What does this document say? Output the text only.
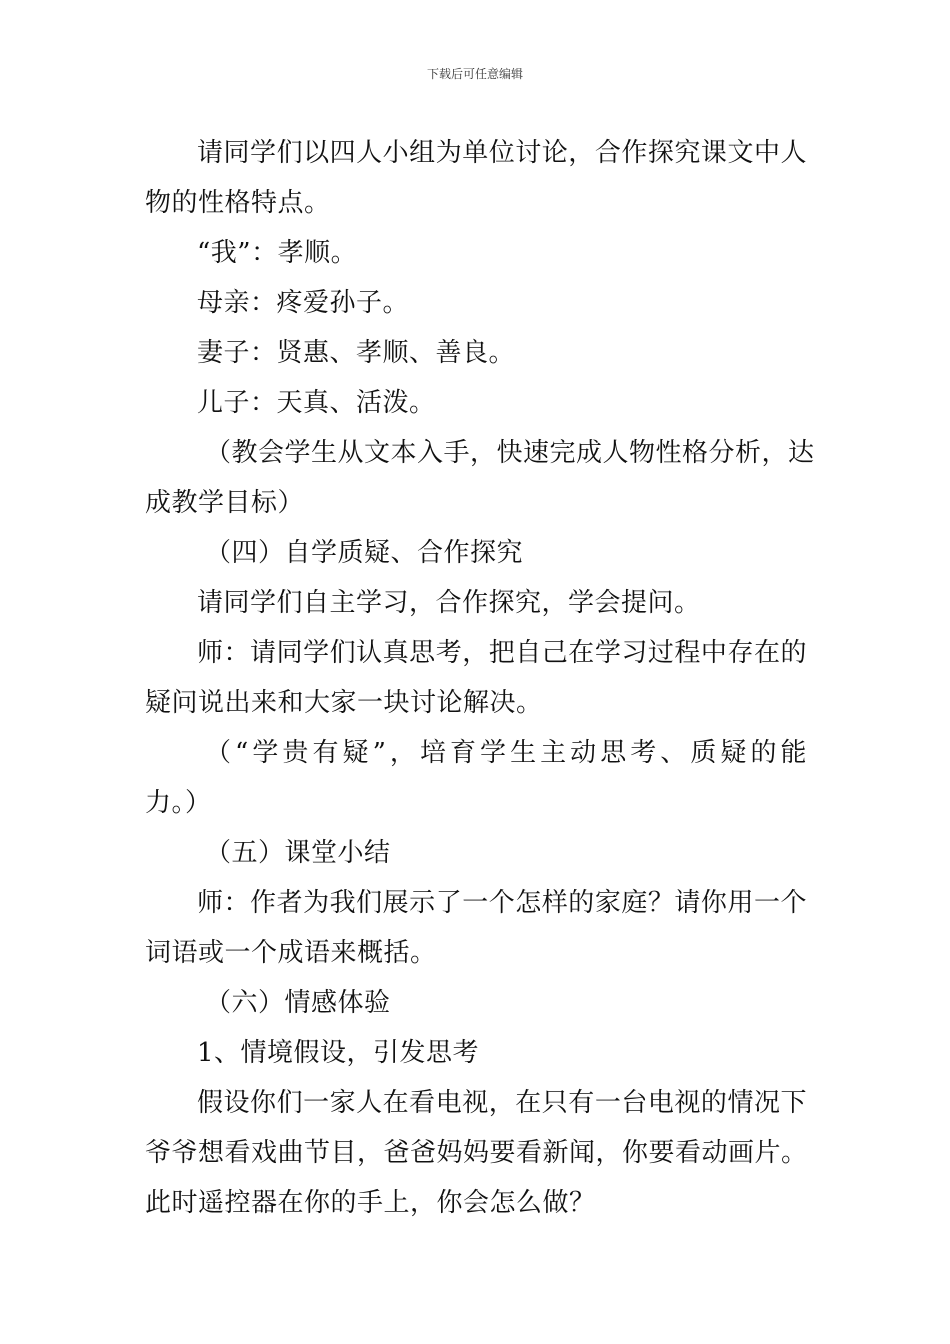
下载后可任意编辑
请同学们以四人小组为单位讨论，合作探究课文中人
物的性格特点。
“我”：孝顺。
母亲：疼爱孙子。
妻子：贤惠、孝顺、善良。
儿子：天真、活泼。
（教会学生从文本入手，快速完成人物性格分析，达
成教学目标）
（四）自学质疑、合作探究
请同学们自主学习，合作探究，学会提问。
师：请同学们认真思考，把自己在学习过程中存在的
疑问说出来和大家一块讨论解决。
（“学贵有疑”，培育学生主动思考、质疑的能
力。）
（五）课堂小结
师：作者为我们展示了一个怎样的家庭？请你用一个
词语或一个成语来概括。
（六）情感体验
1、情境假设，引发思考
假设你们一家人在看电视，在只有一台电视的情况下
爷爷想看戏曲节目，爸爸妈妈要看新闻，你要看动画片。
此时遥控器在你的手上，你会怎么做？
